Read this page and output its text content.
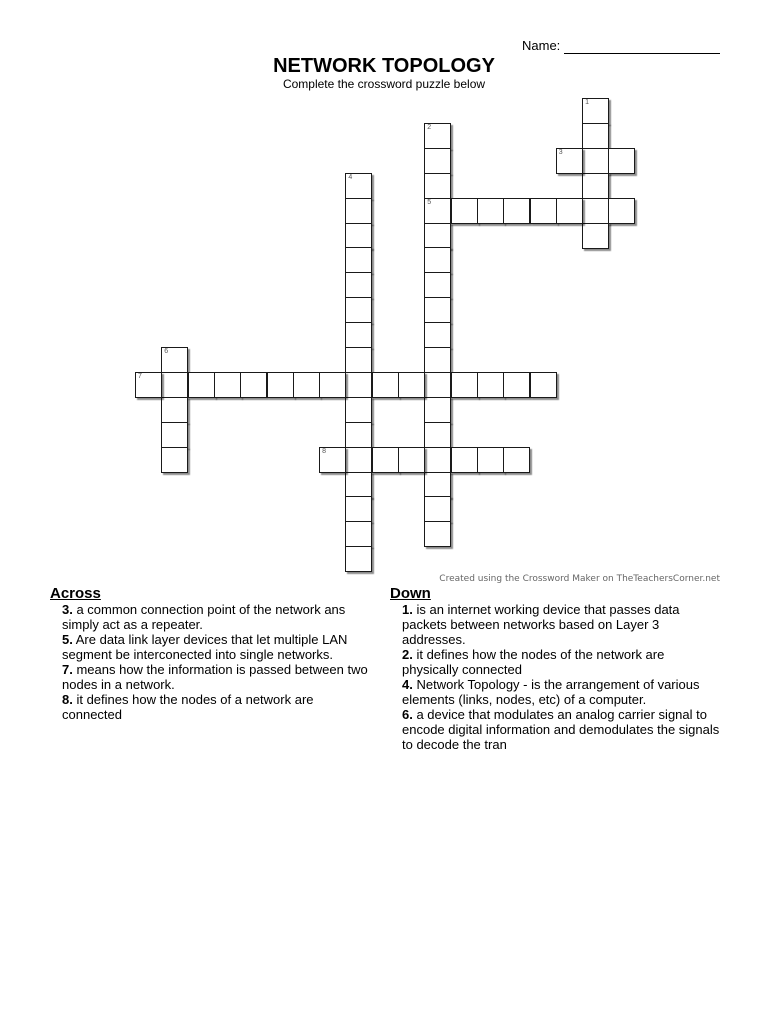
Name:
NETWORK TOPOLOGY
Complete the crossword puzzle below
1
2
5
3
4
6
7
8
Created using the Crossword Maker on TheTeachersCorner.net
Across

3. a common connection point of the network ans simply act as a repeater.

5. Are data link layer devices that let multiple LAN segment be interconected into single networks.

7. means how the information is passed between two nodes in a network.

8. it defines how the nodes of a network are connected

Down

1. is an internet working device that passes data packets between networks based on Layer 3 addresses.

2. it defines how the nodes of the network are physically connected

4. Network Topology - is the arrangement of various elements (links, nodes, etc) of a computer.

6. a device that modulates an analog carrier signal to encode digital information and demodulates the signals to decode the tran
